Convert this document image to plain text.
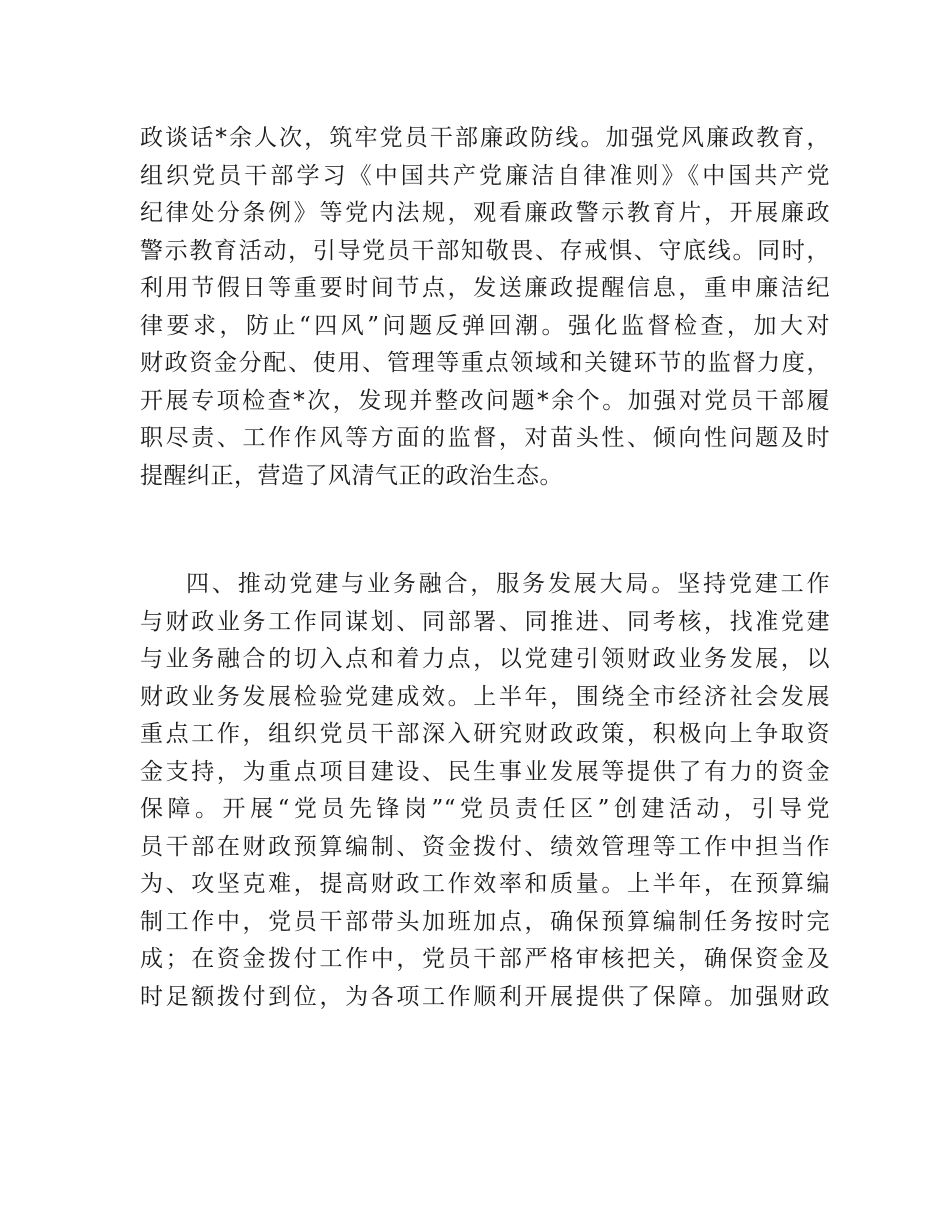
政谈话*余人次，筑牢党员干部廉政防线。加强党风廉政教育，
组织党员干部学习《中国共产党廉洁自律准则》《中国共产党
纪律处分条例》等党内法规，观看廉政警示教育片，开展廉政
警示教育活动，引导党员干部知敬畏、存戒惧、守底线。同时，
利用节假日等重要时间节点，发送廉政提醒信息，重申廉洁纪
律要求，防止“四风”问题反弹回潮。强化监督检查，加大对
财政资金分配、使用、管理等重点领域和关键环节的监督力度，
开展专项检查*次，发现并整改问题*余个。加强对党员干部履
职尽责、工作作风等方面的监督，对苗头性、倾向性问题及时
提醒纠正，营造了风清气正的政治生态。
四、推动党建与业务融合，服务发展大局。坚持党建工作
与财政业务工作同谋划、同部署、同推进、同考核，找准党建
与业务融合的切入点和着力点，以党建引领财政业务发展，以
财政业务发展检验党建成效。上半年，围绕全市经济社会发展
重点工作，组织党员干部深入研究财政政策，积极向上争取资
金支持，为重点项目建设、民生事业发展等提供了有力的资金
保障。开展“党员先锋岗”“党员责任区”创建活动，引导党
员干部在财政预算编制、资金拨付、绩效管理等工作中担当作
为、攻坚克难，提高财政工作效率和质量。上半年，在预算编
制工作中，党员干部带头加班加点，确保预算编制任务按时完
成；在资金拨付工作中，党员干部严格审核把关，确保资金及
时足额拨付到位，为各项工作顺利开展提供了保障。加强财政
